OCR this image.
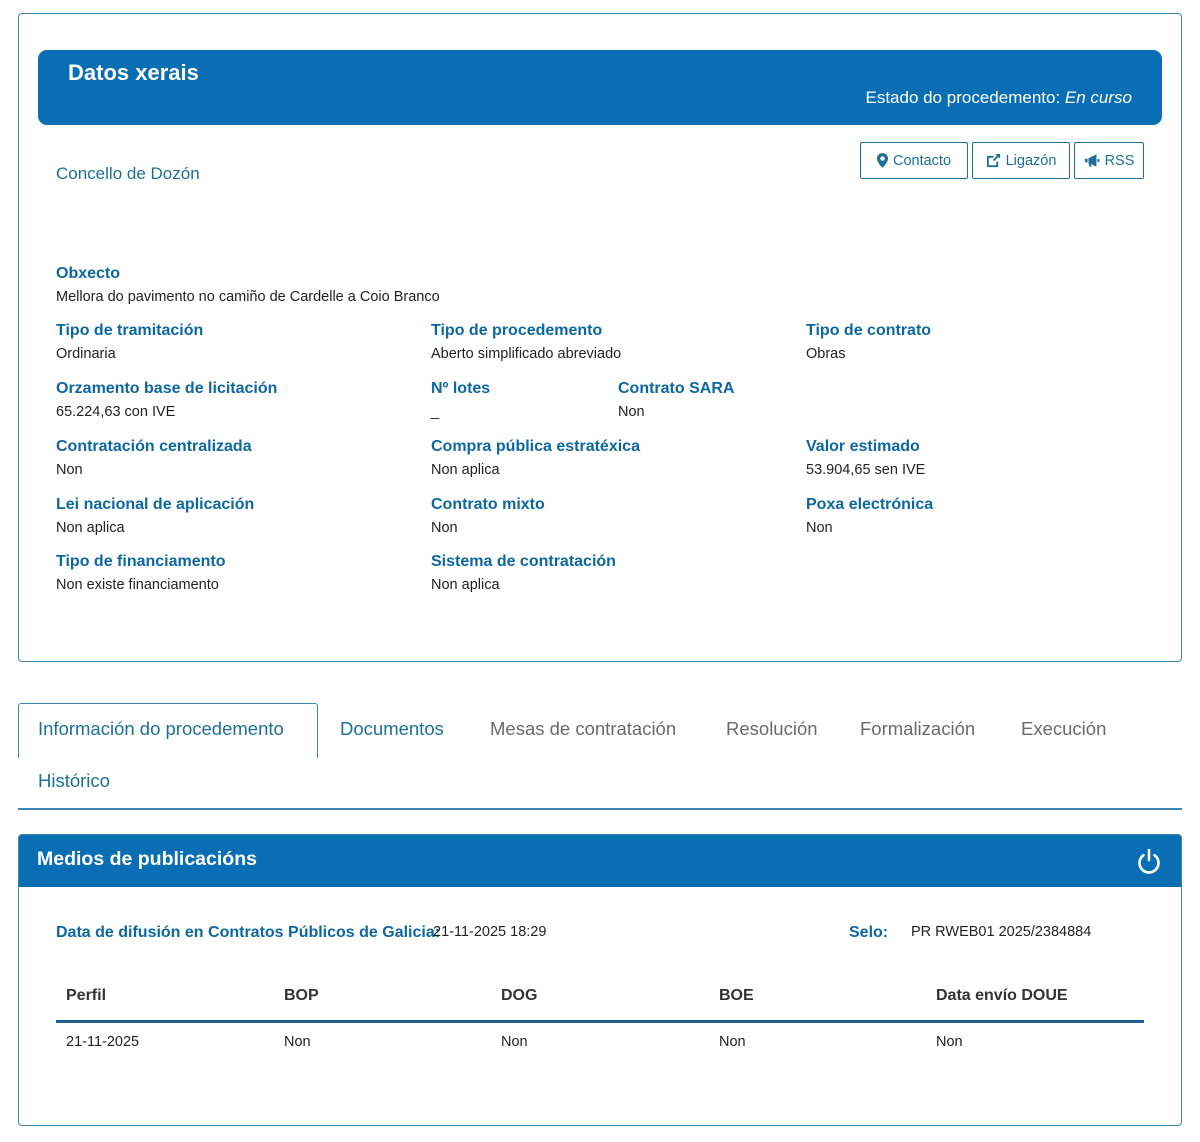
Datos xerais
Estado do procedemento: En curso
Concello de Dozón
Contacto	Ligazón	RSS
Obxecto
Mellora do pavimento no camiño de Cardelle a Coio Branco
Tipo de tramitación
Ordinaria
Tipo de procedemento
Aberto simplificado abreviado
Tipo de contrato
Obras
Orzamento base de licitación
65.224,63 con IVE
Nº lotes
_
Contrato SARA
Non
Contratación centralizada
Non
Compra pública estratéxica
Non aplica
Valor estimado
53.904,65 sen IVE
Lei nacional de aplicación
Non aplica
Contrato mixto
Non
Poxa electrónica
Non
Tipo de financiamento
Non existe financiamento
Sistema de contratación
Non aplica
Información do procedemento	Documentos Mesas de contratación	Resolución Formalización Execución
Histórico
Medios de publicacións
Data de difusión en Contratos Públicos de Galicia:
21-11-2025 18:29	Selo: PR RWEB01 2025/2384884
Perfil	BOP	DOG	BOE	Data envío DOUE
21-11-2025	Non	Non	Non	Non
